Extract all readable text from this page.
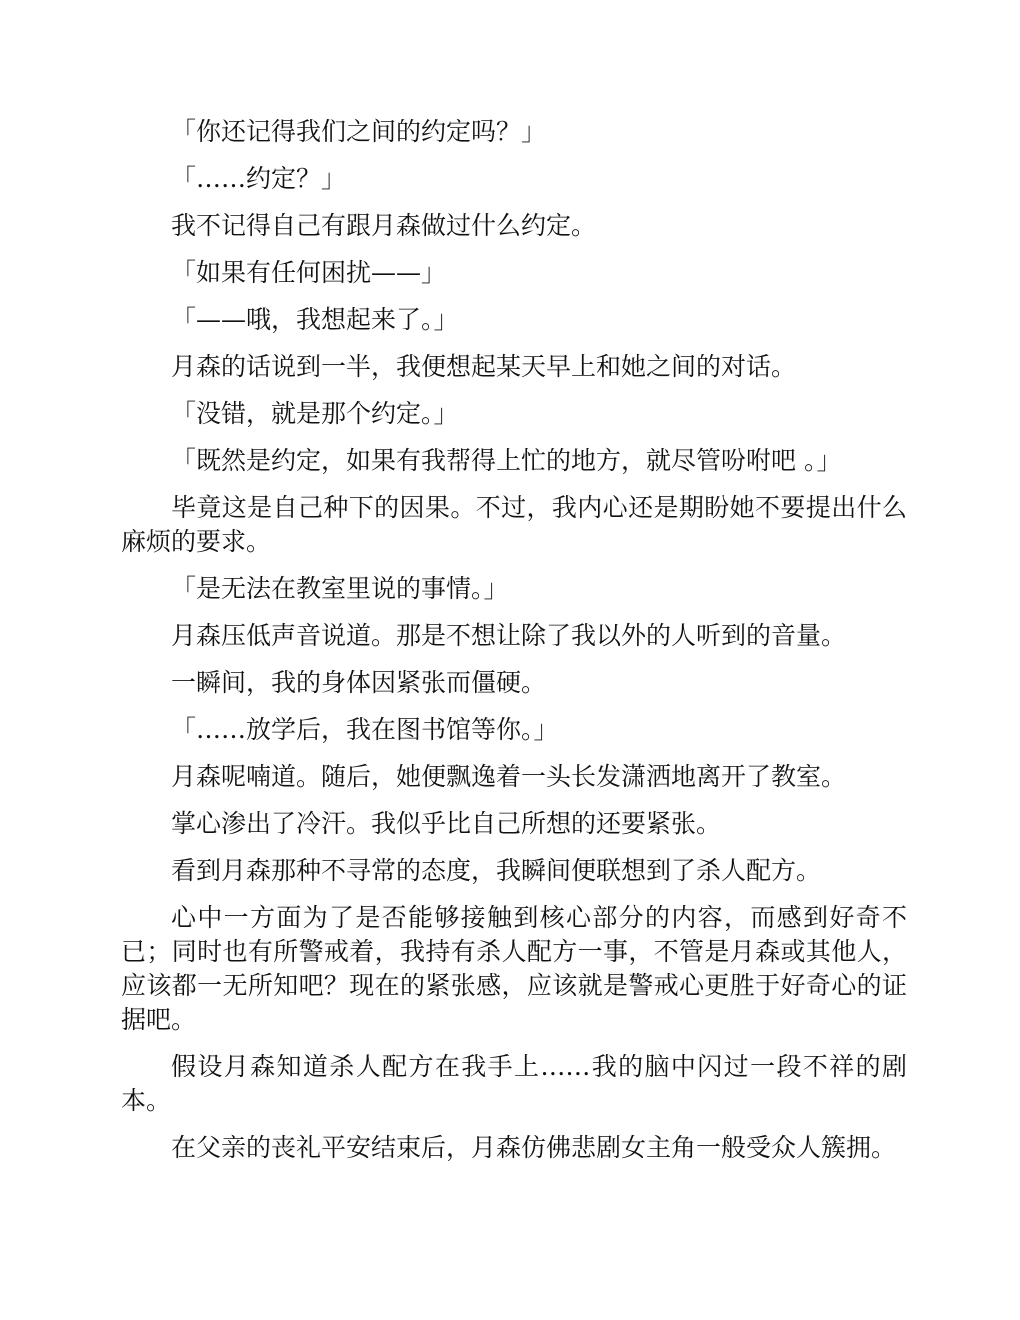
「你还记得我们之间的约定吗？」

「……约定？」

我不记得自己有跟月森做过什么约定。

「如果有任何困扰——」

「——哦，我想起来了。」

月森的话说到一半，我便想起某天早上和她之间的对话。

「没错，就是那个约定。」

「既然是约定，如果有我帮得上忙的地方，就尽管吩咐吧 。」

毕竟这是自己种下的因果。不过，我内心还是期盼她不要提出什么麻烦的要求。

「是无法在教室里说的事情。」

月森压低声音说道。那是不想让除了我以外的人听到的音量。

一瞬间，我的身体因紧张而僵硬。

「……放学后，我在图书馆等你。」

月森呢喃道。随后，她便飘逸着一头长发潇洒地离开了教室。

掌心渗出了冷汗。我似乎比自己所想的还要紧张。

看到月森那种不寻常的态度，我瞬间便联想到了杀人配方。

心中一方面为了是否能够接触到核心部分的内容，而感到好奇不已；同时也有所警戒着，我持有杀人配方一事，不管是月森或其他人，应该都一无所知吧？现在的紧张感，应该就是警戒心更胜于好奇心的证据吧。

假设月森知道杀人配方在我手上……我的脑中闪过一段不祥的剧本。

在父亲的丧礼平安结束后，月森仿佛悲剧女主角一般受众人簇拥。
